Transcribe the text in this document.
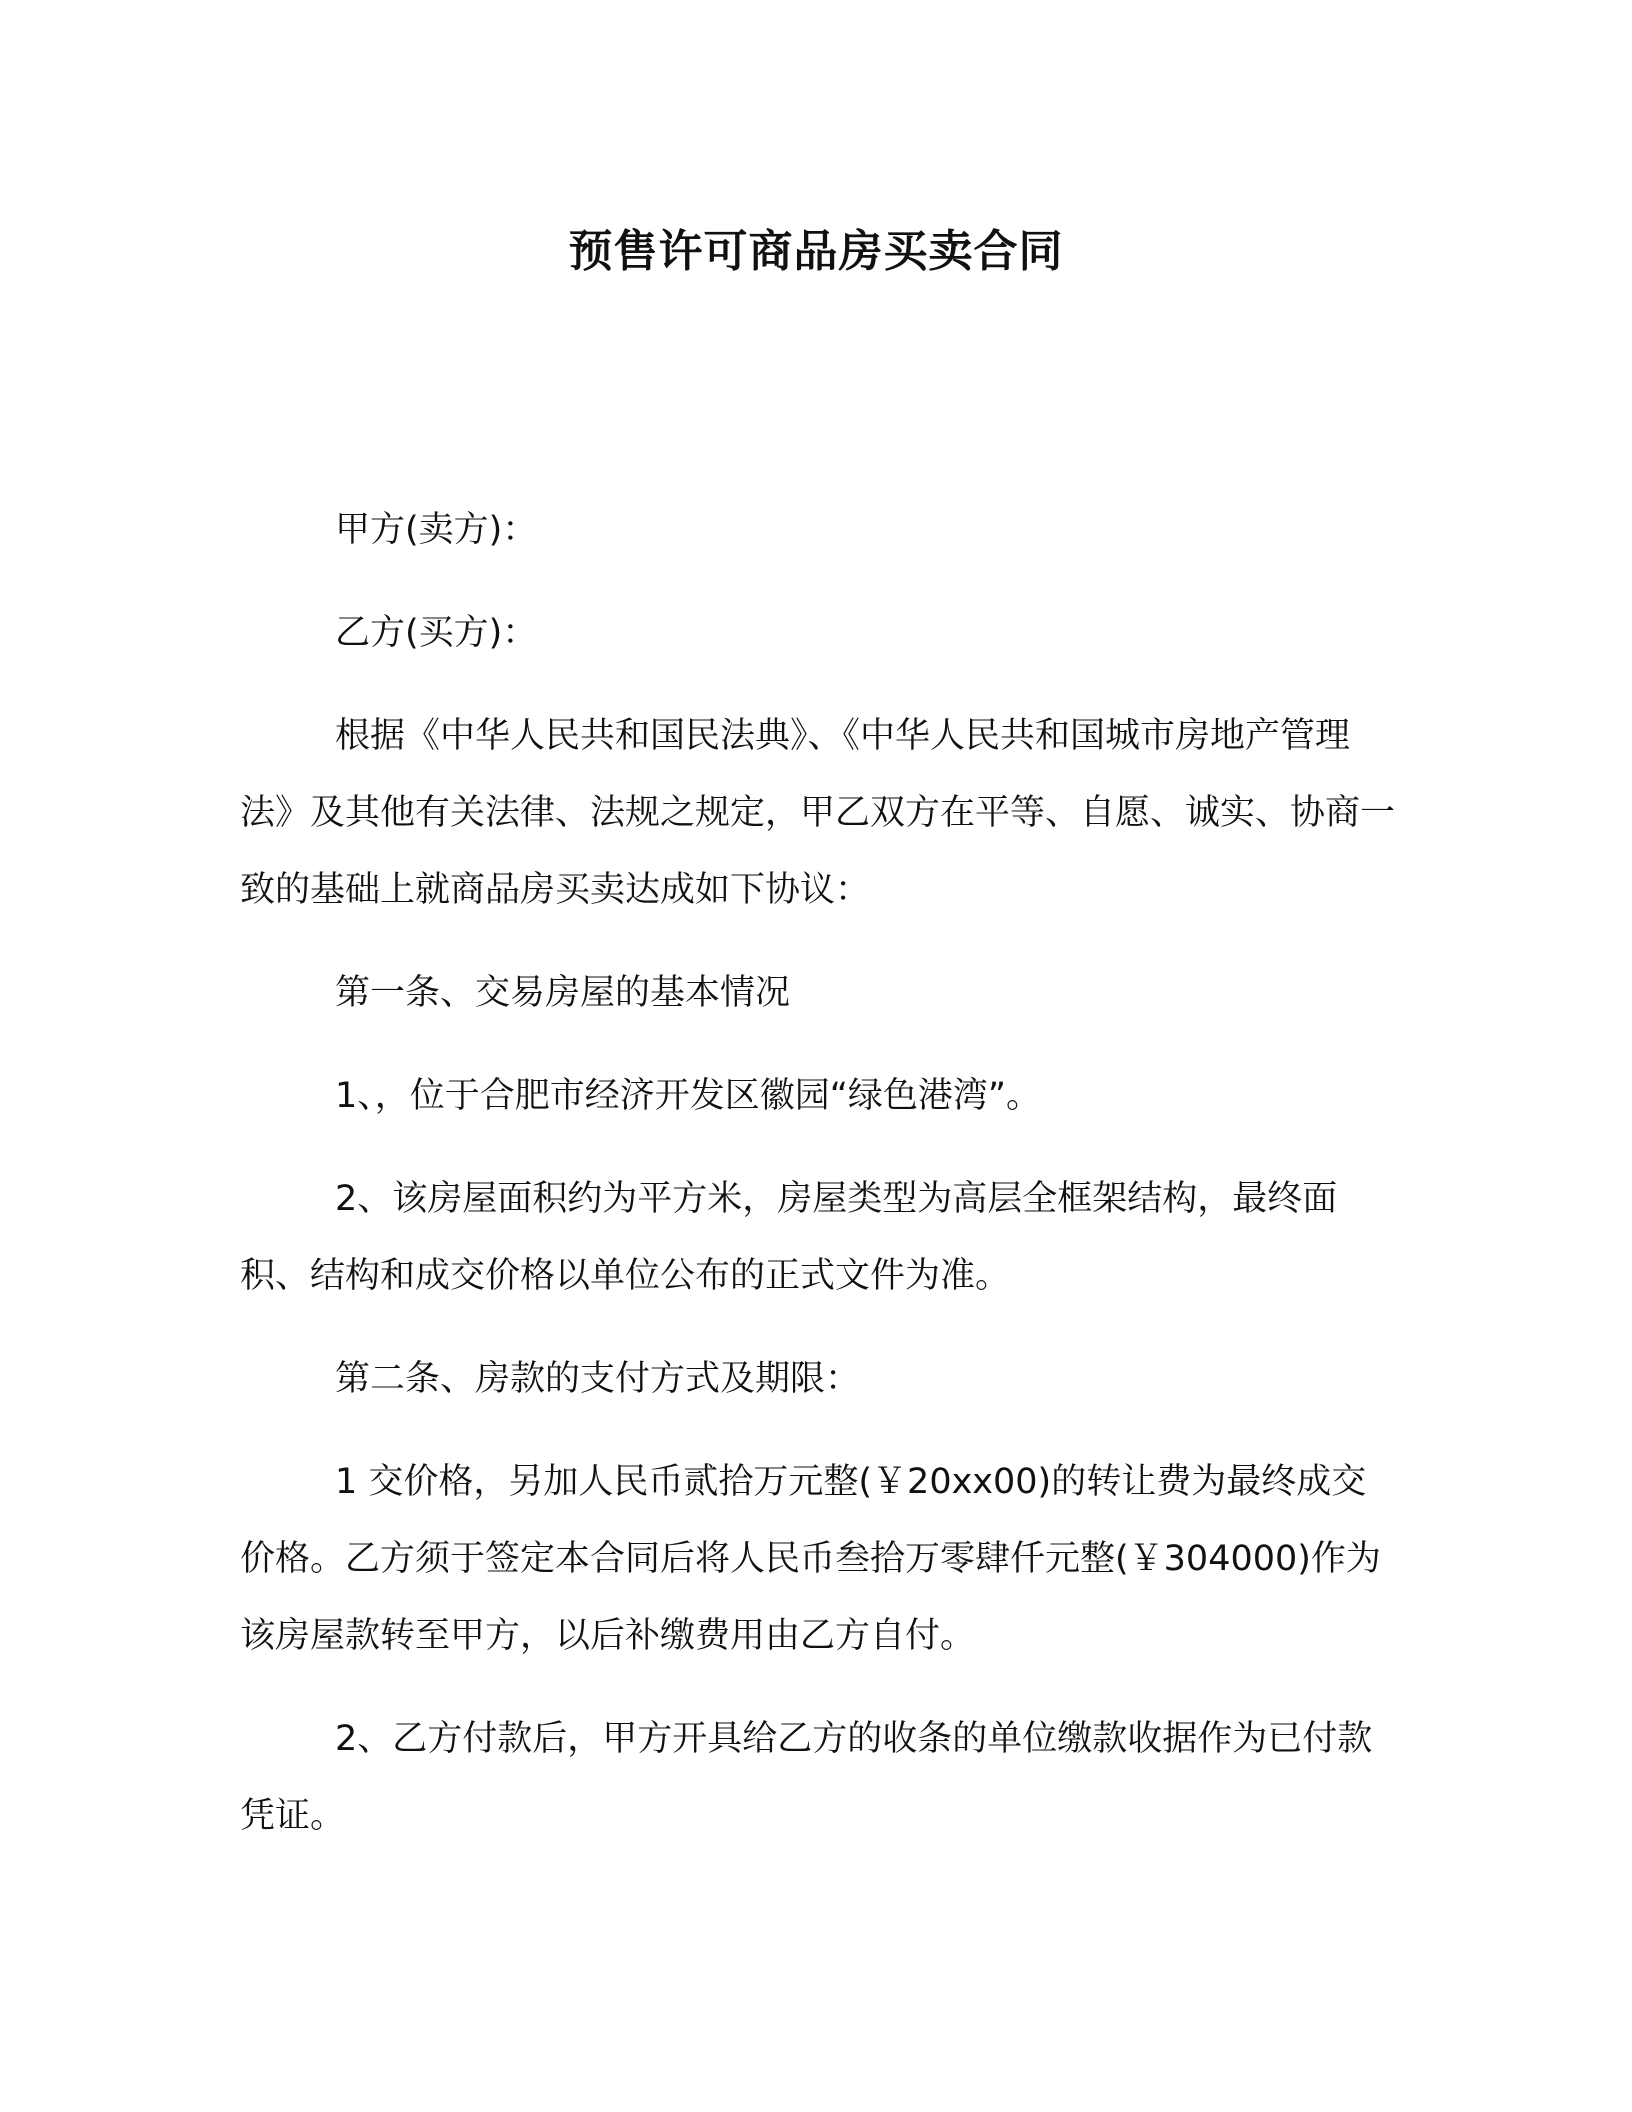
预售许可商品房买卖合同

甲方(卖方)：

乙方(买方)：

根据《中华人民共和国民法典》、《中华人民共和国城市房地产管理法》及其他有关法律、法规之规定，甲乙双方在平等、自愿、诚实、协商一致的基础上就商品房买卖达成如下协议：

第一条、交易房屋的基本情况

1、，位于合肥市经济开发区徽园“绿色港湾”。

2、该房屋面积约为平方米，房屋类型为高层全框架结构，最终面积、结构和成交价格以单位公布的正式文件为准。

第二条、房款的支付方式及期限：

1 交价格，另加人民币贰拾万元整(￥20xx00)的转让费为最终成交价格。乙方须于签定本合同后将人民币叁拾万零肆仟元整(￥304000)作为该房屋款转至甲方，以后补缴费用由乙方自付。

2、乙方付款后，甲方开具给乙方的收条的单位缴款收据作为已付款凭证。
